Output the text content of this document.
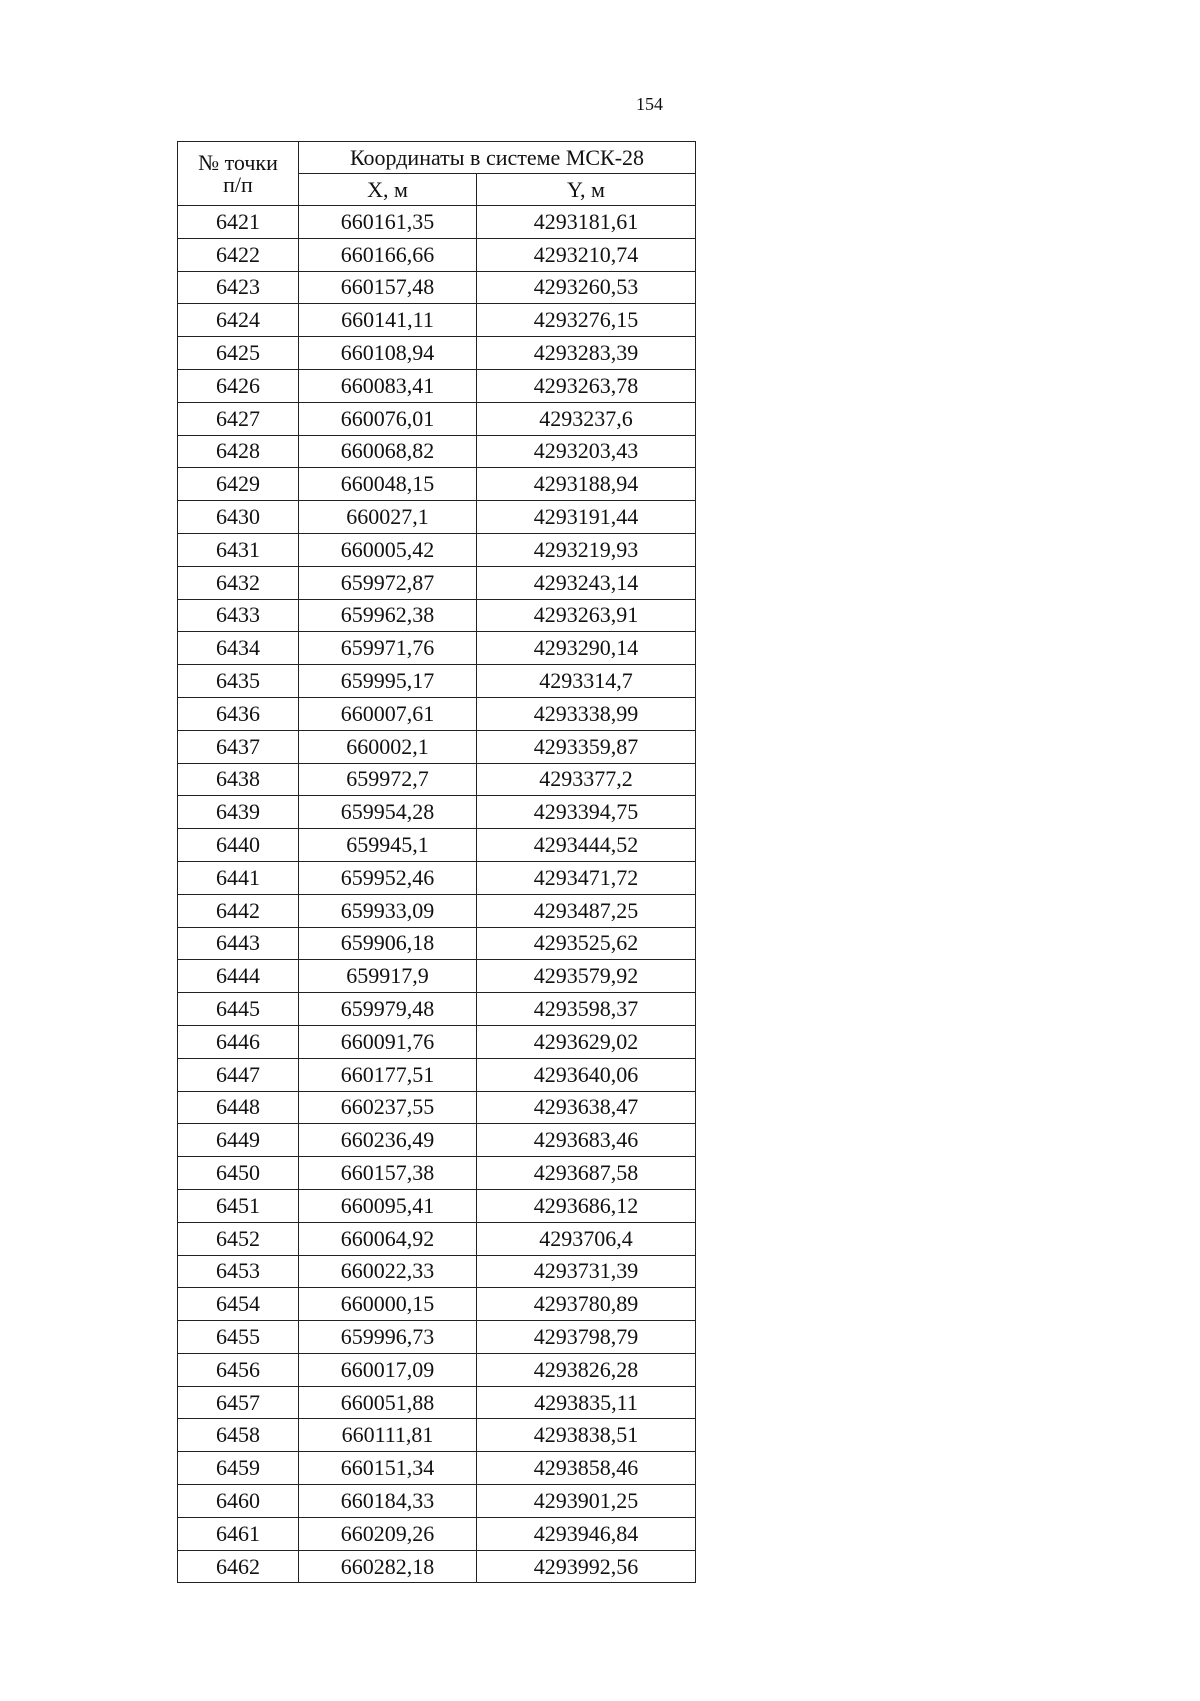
154
№ точки
п/п	Координаты в системе МСК-28	
	X, м	Y, м
6421	660161,35	4293181,61
6422	660166,66	4293210,74
6423	660157,48	4293260,53
6424	660141,11	4293276,15
6425	660108,94	4293283,39
6426	660083,41	4293263,78
6427	660076,01	4293237,6
6428	660068,82	4293203,43
6429	660048,15	4293188,94
6430	660027,1	4293191,44
6431	660005,42	4293219,93
6432	659972,87	4293243,14
6433	659962,38	4293263,91
6434	659971,76	4293290,14
6435	659995,17	4293314,7
6436	660007,61	4293338,99
6437	660002,1	4293359,87
6438	659972,7	4293377,2
6439	659954,28	4293394,75
6440	659945,1	4293444,52
6441	659952,46	4293471,72
6442	659933,09	4293487,25
6443	659906,18	4293525,62
6444	659917,9	4293579,92
6445	659979,48	4293598,37
6446	660091,76	4293629,02
6447	660177,51	4293640,06
6448	660237,55	4293638,47
6449	660236,49	4293683,46
6450	660157,38	4293687,58
6451	660095,41	4293686,12
6452	660064,92	4293706,4
6453	660022,33	4293731,39
6454	660000,15	4293780,89
6455	659996,73	4293798,79
6456	660017,09	4293826,28
6457	660051,88	4293835,11
6458	660111,81	4293838,51
6459	660151,34	4293858,46
6460	660184,33	4293901,25
6461	660209,26	4293946,84
6462	660282,18	4293992,56
